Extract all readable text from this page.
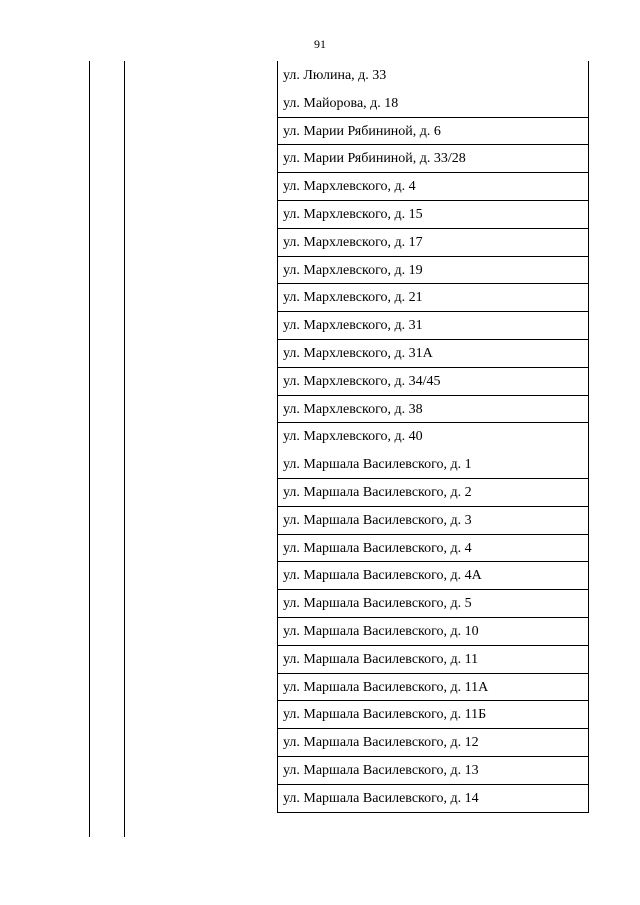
91
ул. Люлина, д. 33
ул. Майорова, д. 18
ул. Марии Рябининой, д. 6
ул. Марии Рябининой, д. 33/28
ул. Мархлевского, д. 4
ул. Мархлевского, д. 15
ул. Мархлевского, д. 17
ул. Мархлевского, д. 19
ул. Мархлевского, д. 21
ул. Мархлевского, д. 31
ул. Мархлевского, д. 31А
ул. Мархлевского, д. 34/45
ул. Мархлевского, д. 38
ул. Мархлевского, д. 40
ул. Маршала Василевского, д. 1
ул. Маршала Василевского, д. 2
ул. Маршала Василевского, д. 3
ул. Маршала Василевского, д. 4
ул. Маршала Василевского, д. 4А
ул. Маршала Василевского, д. 5
ул. Маршала Василевского, д. 10
ул. Маршала Василевского, д. 11
ул. Маршала Василевского, д. 11А
ул. Маршала Василевского, д. 11Б
ул. Маршала Василевского, д. 12
ул. Маршала Василевского, д. 13
ул. Маршала Василевского, д. 14
